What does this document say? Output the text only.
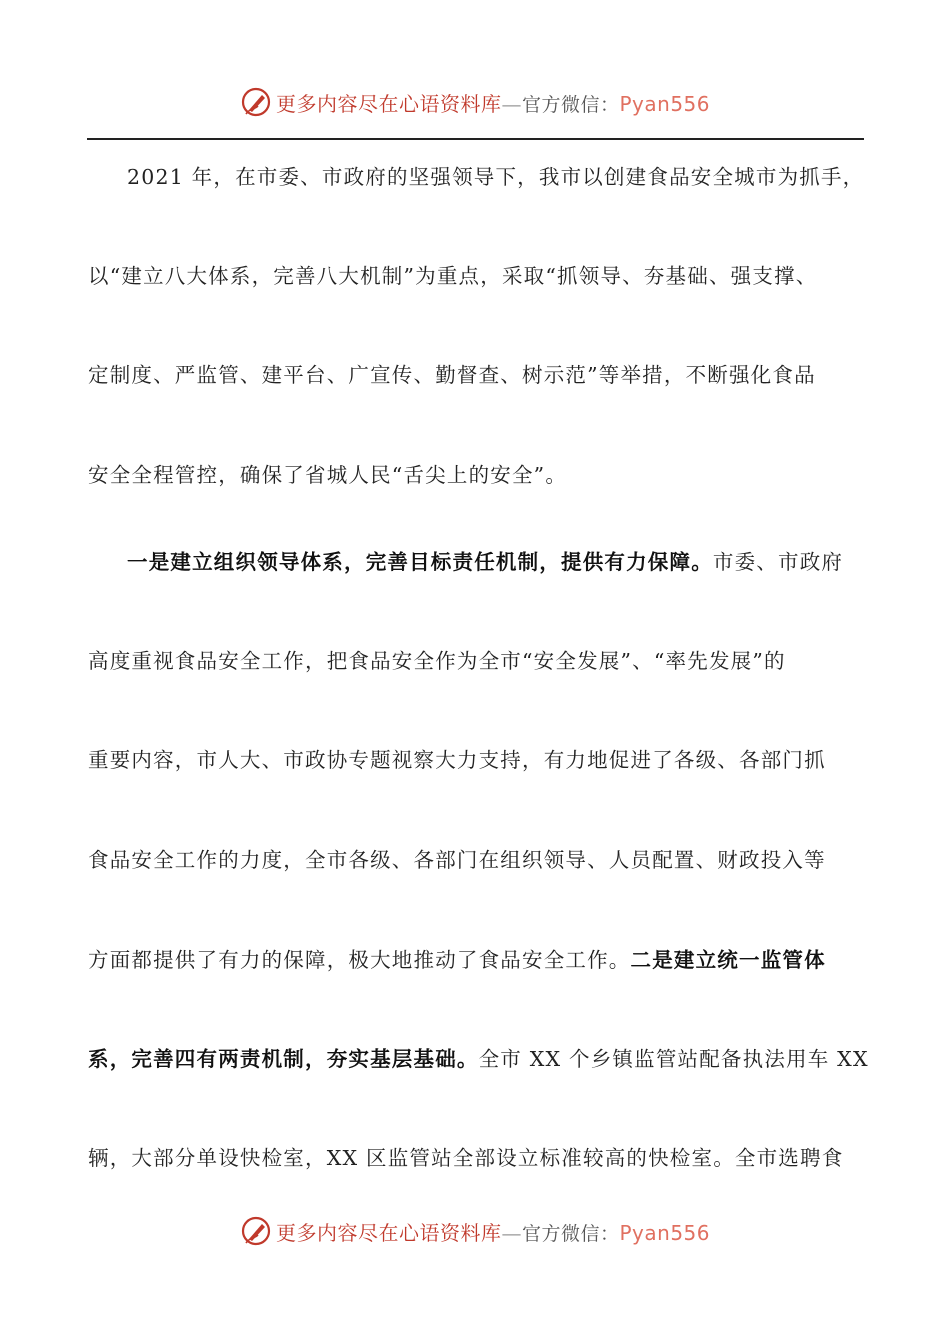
更多内容尽在心语资料库—官方微信：Pyan556
2021 年，在市委、市政府的坚强领导下，我市以创建食品安全城市为抓手，
以“建立八大体系，完善八大机制”为重点，采取“抓领导、夯基础、强支撑、
定制度、严监管、建平台、广宣传、勤督查、树示范”等举措，不断强化食品
安全全程管控，确保了省城人民“舌尖上的安全”。
一是建立组织领导体系，完善目标责任机制，提供有力保障。市委、市政府
高度重视食品安全工作，把食品安全作为全市“安全发展”、“率先发展”的
重要内容，市人大、市政协专题视察大力支持，有力地促进了各级、各部门抓
食品安全工作的力度，全市各级、各部门在组织领导、人员配置、财政投入等
方面都提供了有力的保障，极大地推动了食品安全工作。二是建立统一监管体
系，完善四有两责机制，夯实基层基础。全市 XX 个乡镇监管站配备执法用车 XX
辆，大部分单设快检室，XX 区监管站全部设立标准较高的快检室。全市选聘食
更多内容尽在心语资料库—官方微信：Pyan556
